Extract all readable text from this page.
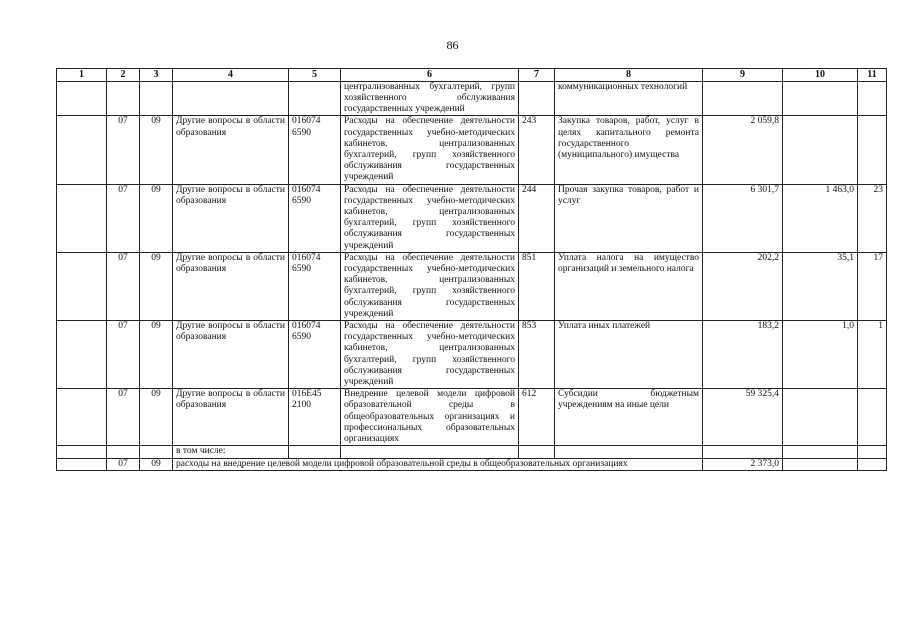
86
1	2	3	4	5	6	7	8	9	10	11
					централизованных бухгалтерий, групп хозяйственного обслуживания государственных учреждений		коммуникационных технологий			
	07	09	Другие вопросы в области образования	016074 6590	Расходы на обеспечение деятельности государственных учебно-методических кабинетов, централизованных бухгалтерий, групп хозяйственного обслуживания государственных учреждений	243	Закупка товаров, работ, услуг в целях капитального ремонта государственного (муниципального) имущества	2 059,8		
	07	09	Другие вопросы в области образования	016074 6590	Расходы на обеспечение деятельности государственных учебно-методических кабинетов, централизованных бухгалтерий, групп хозяйственного обслуживания государственных учреждений	244	Прочая закупка товаров, работ и услуг	6 301,7	1 463,0	23
	07	09	Другие вопросы в области образования	016074 6590	Расходы на обеспечение деятельности государственных учебно-методических кабинетов, централизованных бухгалтерий, групп хозяйственного обслуживания государственных учреждений	851	Уплата налога на имущество организаций и земельного налога	202,2	35,1	17
	07	09	Другие вопросы в области образования	016074 6590	Расходы на обеспечение деятельности государственных учебно-методических кабинетов, централизованных бухгалтерий, групп хозяйственного обслуживания государственных учреждений	853	Уплата иных платежей	183,2	1,0	1
	07	09	Другие вопросы в области образования	016E45 2100	Внедрение целевой модели цифровой образовательной среды в общеобразовательных организациях и профессиональных образовательных организациях	612	Субсидии бюджетным учреждениям на иные цели	59 325,4		
			в том числе:							
	07	09	расходы на внедрение целевой модели цифровой образовательной среды в общеобразовательных организациях					2 373,0		
